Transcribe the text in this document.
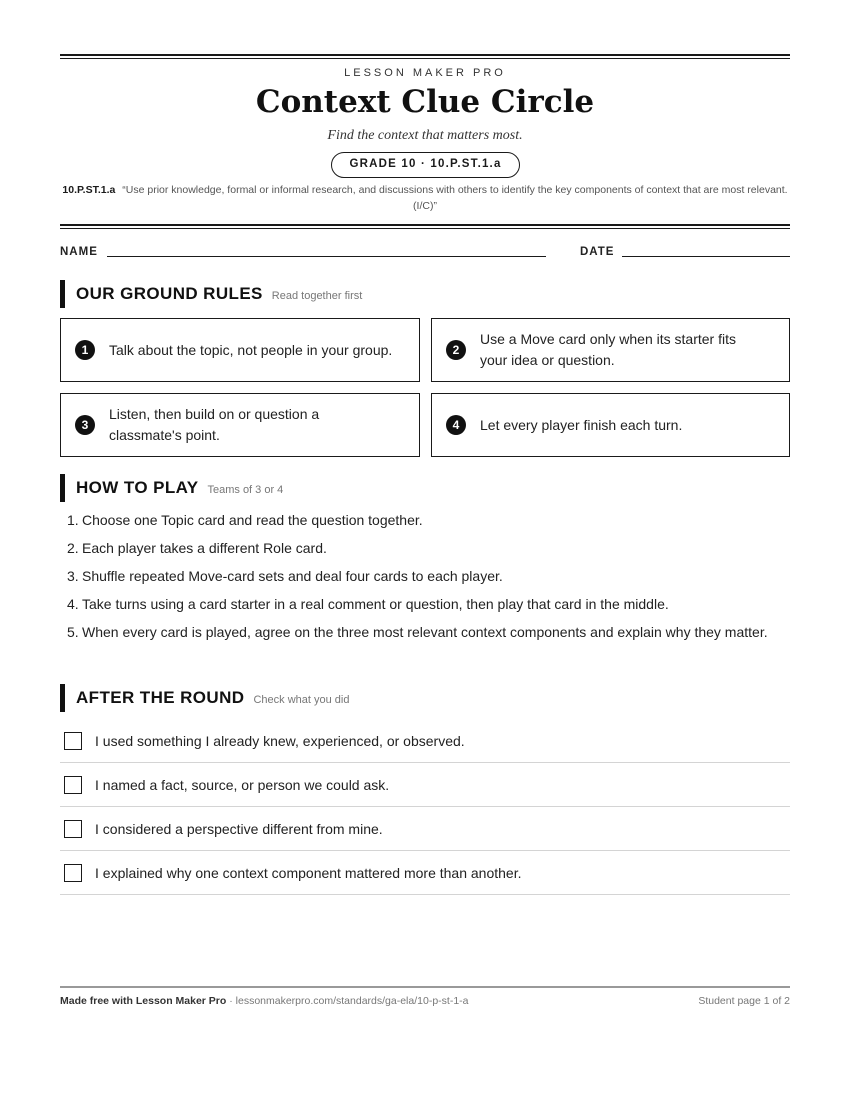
LESSON MAKER PRO
Context Clue Circle
Find the context that matters most.
GRADE 10 · 10.P.ST.1.a
10.P.ST.1.a “Use prior knowledge, formal or informal research, and discussions with others to identify the key components of context that are most relevant. (I/C)”
NAME	DATE
OUR GROUND RULES Read together first
1	Talk about the topic, not people in your group.	2
Use a Move card only when its starter fits your idea or question.
3
Listen, then build on or question a classmate's point.
4	Let every player finish each turn.
HOW TO PLAY Teams of 3 or 4
1. Choose one Topic card and read the question together.
2. Each player takes a different Role card.
3. Shuffle repeated Move-card sets and deal four cards to each player.
4. Take turns using a card starter in a real comment or question, then play that card in the middle.
5. When every card is played, agree on the three most relevant context components and explain why they matter.
AFTER THE ROUND Check what you did
I used something I already knew, experienced, or observed.
I named a fact, source, or person we could ask.
I considered a perspective different from mine.
I explained why one context component mattered more than another.
Made free with Lesson Maker Pro · lessonmakerpro.com/standards/ga-ela/10-p-st-1-a	Student page 1 of 2
